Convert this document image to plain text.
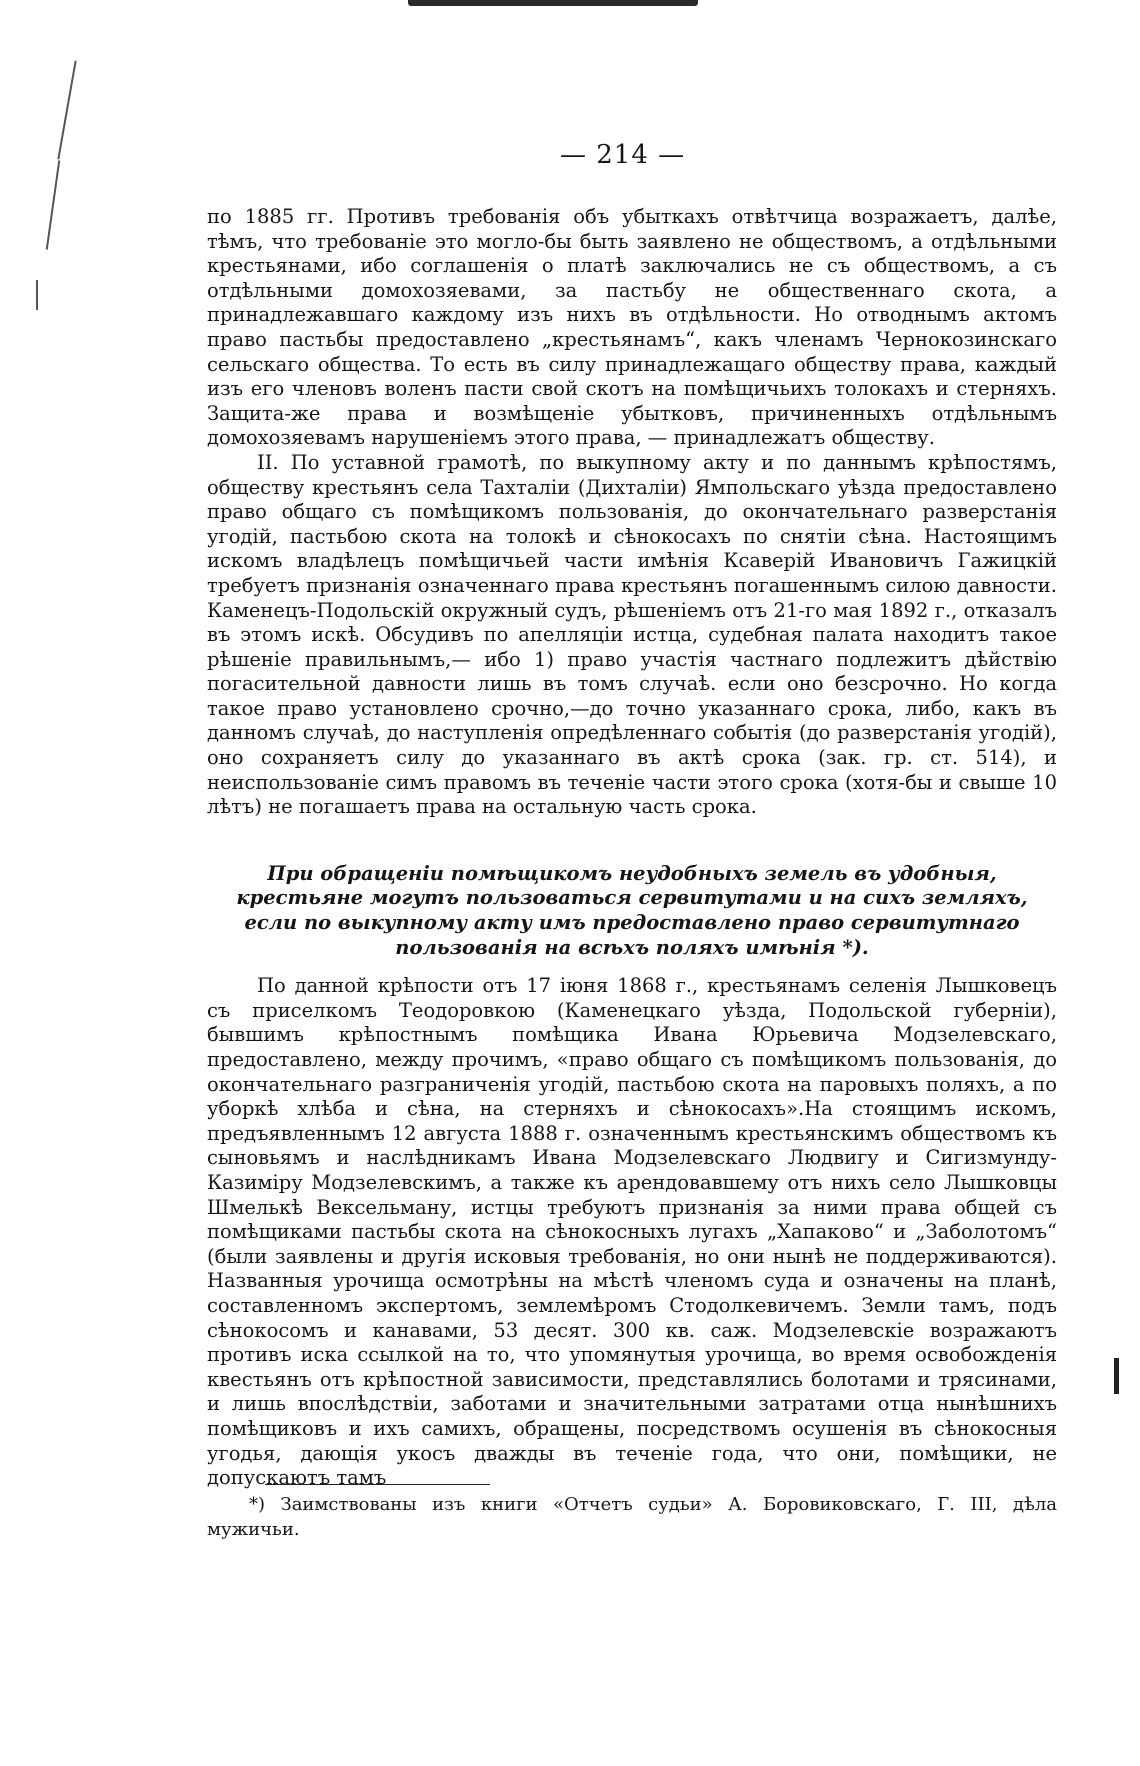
— 214 —

по 1885 гг. Противъ требованія объ убыткахъ отвѣтчица возражаетъ, далѣе, тѣмъ, что требованіе это могло-бы быть заявлено не обществомъ, а отдѣльными крестьянами, ибо соглашенія о платѣ заключались не съ обществомъ, а съ отдѣльными домохозяевами, за пастьбу не общественнаго скота, а принадлежавшаго каждому изъ нихъ въ отдѣльности. Но отводнымъ актомъ право пастьбы предоставлено „крестьянамъ“, какъ членамъ Чернокозинскаго сельскаго общества. То есть въ силу принадлежащаго обществу права, каждый изъ его членовъ воленъ пасти свой скотъ на помѣщичьихъ толокахъ и стерняхъ. Защита-же права и возмѣщеніе убытковъ, причиненныхъ отдѣльнымъ домохозяевамъ нарушеніемъ этого права, — принадлежатъ обществу.

II. По уставной грамотѣ, по выкупному акту и по даннымъ крѣпостямъ, обществу крестьянъ села Тахталіи (Дихталіи) Ямпольскаго уѣзда предоставлено право общаго съ помѣщикомъ пользованія, до окончательнаго разверстанія угодій, пастьбою скота на толокѣ и сѣнокосахъ по снятіи сѣна. Настоящимъ искомъ владѣлецъ помѣщичьей части имѣнія Ксаверій Ивановичъ Гажицкій требуетъ признанія означеннаго права крестьянъ погашеннымъ силою давности. Каменецъ-Подольскій окружный судъ, рѣшеніемъ отъ 21-го мая 1892 г., отказалъ въ этомъ искѣ. Обсудивъ по апелляціи истца, судебная палата находитъ такое рѣшеніе правильнымъ,— ибо 1) право участія частнаго подлежитъ дѣйствію погасительной давности лишь въ томъ случаѣ. если оно безсрочно. Но когда такое право установлено срочно,—до точно указаннаго срока, либо, какъ въ данномъ случаѣ, до наступленія опредѣленнаго событія (до разверстанія угодій), оно сохраняетъ силу до указаннаго въ актѣ срока (зак. гр. ст. 514), и неиспользованіе симъ правомъ въ теченіе части этого срока (хотя-бы и свыше 10 лѣтъ) не погашаетъ права на остальную часть срока.

При обращеніи помѣщикомъ неудобныхъ земель въ удобныя, крестьяне могутъ пользоваться сервитутами и на сихъ земляхъ, если по выкупному акту имъ предоставлено право сервитутнаго пользованія на всѣхъ поляхъ имѣнія *).

По данной крѣпости отъ 17 іюня 1868 г., крестьянамъ селенія Лышковецъ съ приселкомъ Теодоровкою (Каменецкаго уѣзда, Подольской губерніи), бывшимъ крѣпостнымъ помѣщика Ивана Юрьевича Модзелевскаго, предоставлено, между прочимъ, «право общаго съ помѣщикомъ пользованія, до окончательнаго разграниченія угодій, пастьбою скота на паровыхъ поляхъ, а по уборкѣ хлѣба и сѣна, на стерняхъ и сѣнокосахъ».На стоящимъ искомъ, предъявленнымъ 12 августа 1888 г. означеннымъ крестьянскимъ обществомъ къ сыновьямъ и наслѣдникамъ Ивана Модзелевскаго Людвигу и Сигизмунду-Казиміру Модзелевскимъ, а также къ арендовавшему отъ нихъ село Лышковцы Шмелькѣ Вексельману, истцы требуютъ признанія за ними права общей съ помѣщиками пастьбы скота на сѣнокосныхъ лугахъ „Хапаково“ и „Заболотомъ“ (были заявлены и другія исковыя требованія, но они нынѣ не поддерживаются). Названныя урочища осмотрѣны на мѣстѣ членомъ суда и означены на планѣ, составленномъ экспертомъ, землемѣромъ Стодолкевичемъ. Земли тамъ, подъ сѣнокосомъ и канавами, 53 десят. 300 кв. саж. Модзелевскіе возражаютъ противъ иска ссылкой на то, что упомянутыя урочища, во время освобожденія квестьянъ отъ крѣпостной зависимости, представлялись болотами и трясинами, и лишь впослѣдствіи, заботами и значительными затратами отца нынѣшнихъ помѣщиковъ и ихъ самихъ, обращены, посредствомъ осушенія въ сѣнокосныя угодья, дающія укосъ дважды въ теченіе года, что они, помѣщики, не допускаютъ тамъ

*) Заимствованы изъ книги «Отчетъ судьи» А. Боровиковскаго, Г. III, дѣла мужичьи.
